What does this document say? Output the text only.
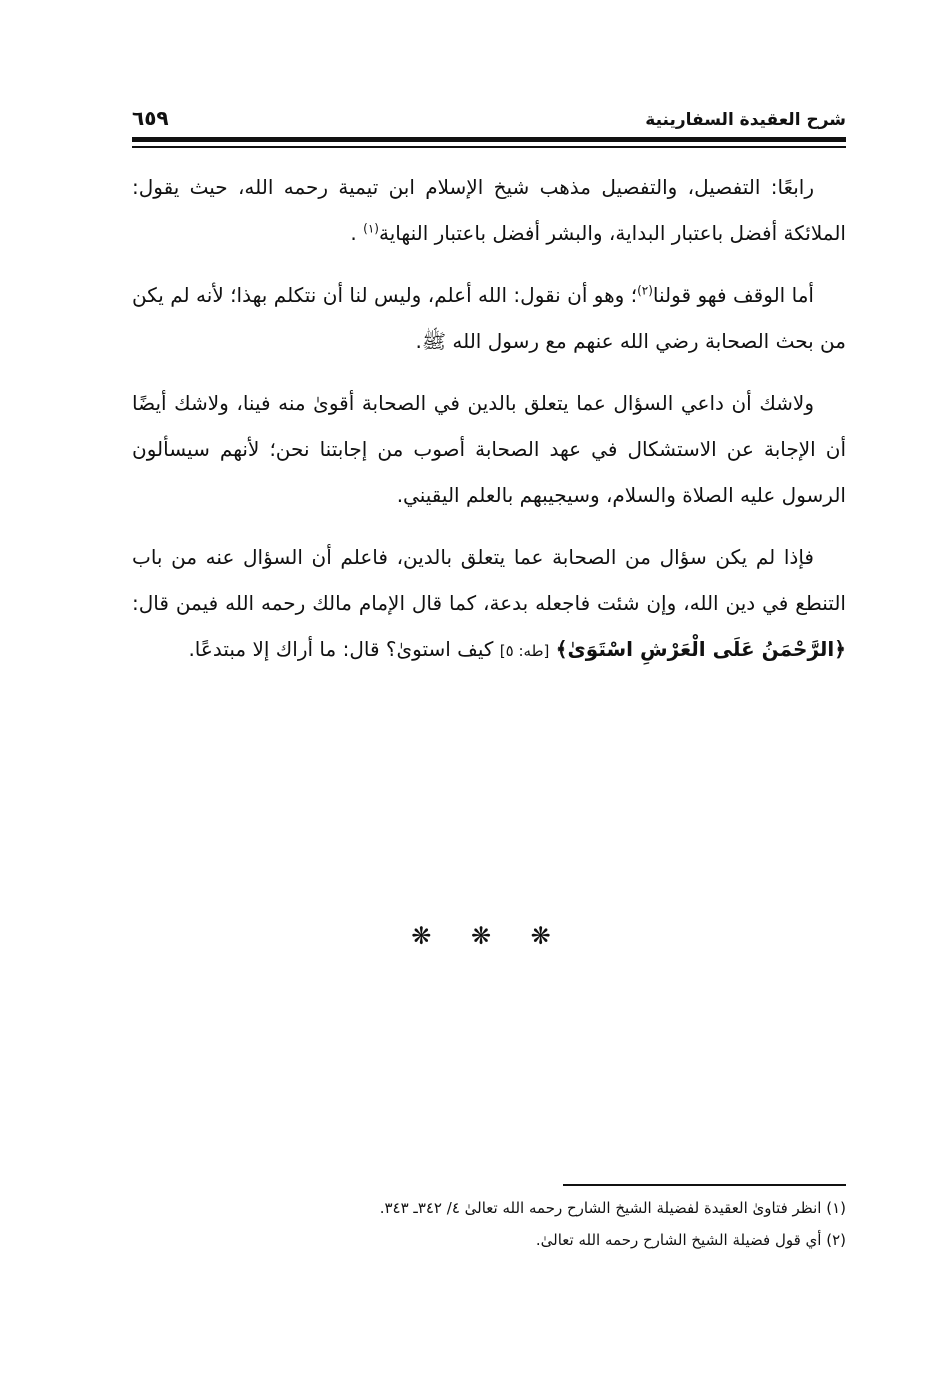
شرح العقيدة السفارينية
٦٥٩

رابعًا: التفصيل، والتفصيل مذهب شيخ الإسلام ابن تيمية رحمه الله، حيث يقول: الملائكة أفضل باعتبار البداية، والبشر أفضل باعتبار النهاية$^{(١)}$ .

أما الوقف فهو قولنا$^{(٢)}$؛ وهو أن نقول: الله أعلم، وليس لنا أن نتكلم بهذا؛ لأنه لم يكن من بحث الصحابة رضي الله عنهم مع رسول الله ﷺ.

ولاشك أن داعي السؤال عما يتعلق بالدين في الصحابة أقوىٰ منه فينا، ولاشك أيضًا أن الإجابة عن الاستشكال في عهد الصحابة أصوب من إجابتنا نحن؛ لأنهم سيسألون الرسول عليه الصلاة والسلام، وسيجيبهم بالعلم اليقيني.

فإذا لم يكن سؤال من الصحابة عما يتعلق بالدين، فاعلم أن السؤال عنه من باب التنطع في دين الله، وإن شئت فاجعله بدعة، كما قال الإمام مالك رحمه الله فيمن قال: ﴿الرَّحْمَنُ عَلَى الْعَرْشِ اسْتَوَىٰ﴾ [طه: ٥] كيف استوىٰ؟ قال: ما أراك إلا مبتدعًا.

❋ ❋ ❋
(١) انظر فتاوىٰ العقيدة لفضيلة الشيخ الشارح رحمه الله تعالىٰ ٤/ ٣٤٢ـ ٣٤٣.
(٢) أي قول فضيلة الشيخ الشارح رحمه الله تعالىٰ.
